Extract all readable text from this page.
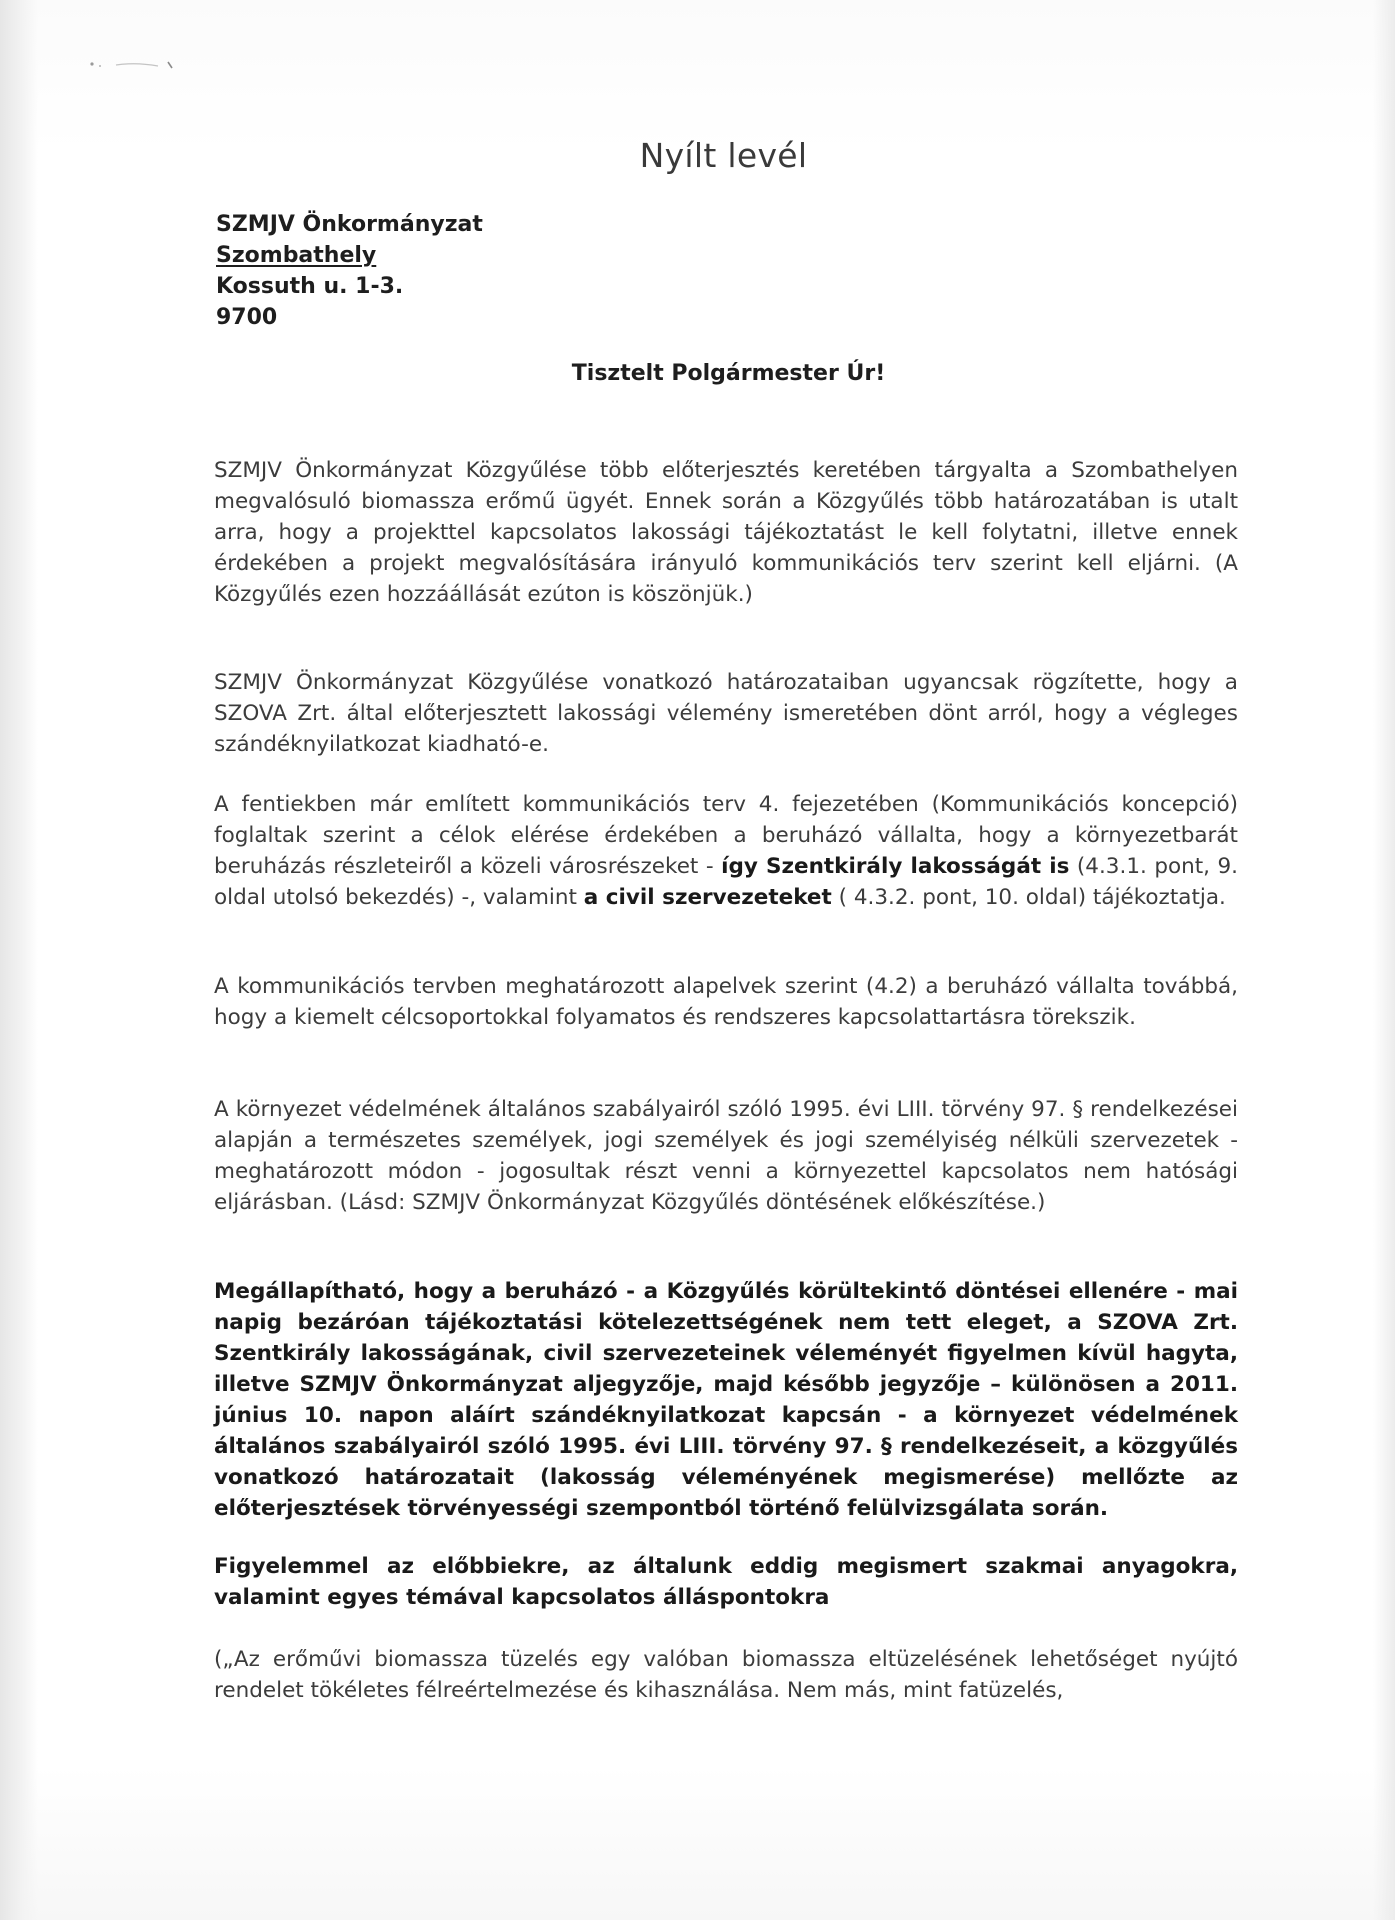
Nyílt levél
SZMJV Önkormányzat
Szombathely
Kossuth u. 1-3.
9700
Tisztelt Polgármester Úr!
SZMJV Önkormányzat Közgyűlése több előterjesztés keretében tárgyalta a Szombathelyen megvalósuló biomassza erőmű ügyét. Ennek során a Közgyűlés több határozatában is utalt arra, hogy a projekttel kapcsolatos lakossági tájékoztatást le kell folytatni, illetve ennek érdekében a projekt megvalósítására irányuló kommunikációs terv szerint kell eljárni. (A Közgyűlés ezen hozzáállását ezúton is köszönjük.)
SZMJV Önkormányzat Közgyűlése vonatkozó határozataiban ugyancsak rögzítette, hogy a SZOVA Zrt. által előterjesztett lakossági vélemény ismeretében dönt arról, hogy a végleges szándéknyilatkozat kiadható-e.
A fentiekben már említett kommunikációs terv 4. fejezetében (Kommunikációs koncepció) foglaltak szerint a célok elérése érdekében a beruházó vállalta, hogy a környezetbarát beruházás részleteiről a közeli városrészeket - így Szentkirály lakosságát is (4.3.1. pont, 9. oldal utolsó bekezdés) -, valamint a civil szervezeteket ( 4.3.2. pont, 10. oldal) tájékoztatja.
A kommunikációs tervben meghatározott alapelvek szerint (4.2) a beruházó vállalta továbbá, hogy a kiemelt célcsoportokkal folyamatos és rendszeres kapcsolattartásra törekszik.
A környezet védelmének általános szabályairól szóló 1995. évi LIII. törvény 97. § rendelkezései alapján a természetes személyek, jogi személyek és jogi személyiség nélküli szervezetek - meghatározott módon - jogosultak részt venni a környezettel kapcsolatos nem hatósági eljárásban. (Lásd: SZMJV Önkormányzat Közgyűlés döntésének előkészítése.)
Megállapítható, hogy a beruházó - a Közgyűlés körültekintő döntései ellenére - mai napig bezáróan tájékoztatási kötelezettségének nem tett eleget, a SZOVA Zrt. Szentkirály lakosságának, civil szervezeteinek véleményét figyelmen kívül hagyta, illetve SZMJV Önkormányzat aljegyzője, majd később jegyzője – különösen a 2011. június 10. napon aláírt szándéknyilatkozat kapcsán - a környezet védelmének általános szabályairól szóló 1995. évi LIII. törvény 97. § rendelkezéseit, a közgyűlés vonatkozó határozatait (lakosság véleményének megismerése) mellőzte az előterjesztések törvényességi szempontból történő felülvizsgálata során.
Figyelemmel az előbbiekre, az általunk eddig megismert szakmai anyagokra, valamint egyes témával kapcsolatos álláspontokra
(„Az erőművi biomassza tüzelés egy valóban biomassza eltüzelésének lehetőséget nyújtó rendelet tökéletes félreértelmezése és kihasználása. Nem más, mint fatüzelés,
